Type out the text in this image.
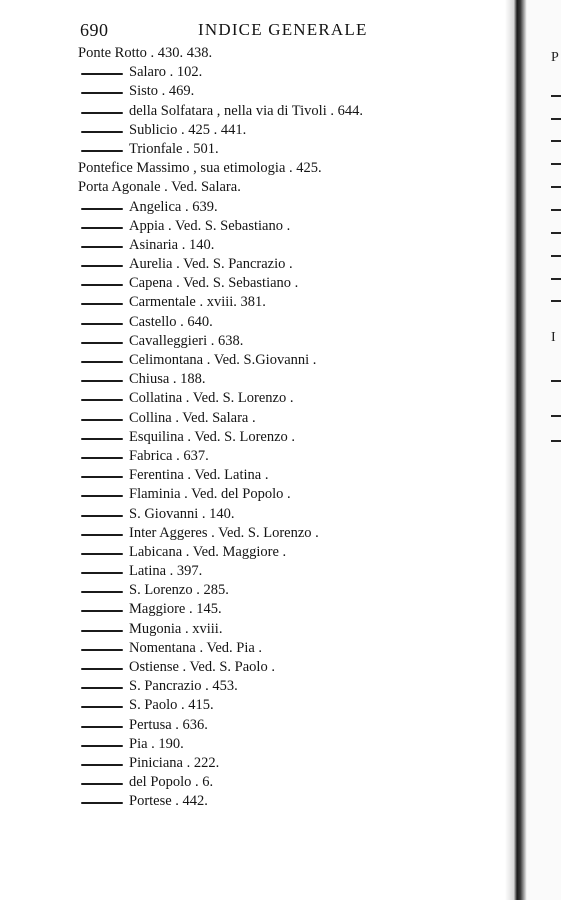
690	INDICE GENERALE
Ponte Rotto . 430. 438.
Salaro . 102.
Sisto . 469.
della Solfatara , nella via di Tivoli . 644.
Sublicio . 425 . 441.
Trionfale . 501.
Pontefice Massimo , sua etimologia . 425.
Porta Agonale . Ved. Salara.
Angelica . 639.
Appia . Ved. S. Sebastiano .
Asinaria . 140.
Aurelia . Ved. S. Pancrazio .
Capena . Ved. S. Sebastiano .
Carmentale . xviii. 381.
Castello . 640.
Cavalleggieri . 638.
Celimontana . Ved. S.Giovanni .
Chiusa . 188.
Collatina . Ved. S. Lorenzo .
Collina . Ved. Salara .
Esquilina . Ved. S. Lorenzo .
Fabrica . 637.
Ferentina . Ved. Latina .
Flaminia . Ved. del Popolo .
S. Giovanni . 140.
Inter Aggeres . Ved. S. Lorenzo .
Labicana . Ved. Maggiore .
Latina . 397.
S. Lorenzo . 285.
Maggiore . 145.
Mugonia . xviii.
Nomentana . Ved. Pia .
Ostiense . Ved. S. Paolo .
S. Pancrazio . 453.
S. Paolo . 415.
Pertusa . 636.
Pia . 190.
Piniciana . 222.
del Popolo . 6.
Portese . 442.
P
I
